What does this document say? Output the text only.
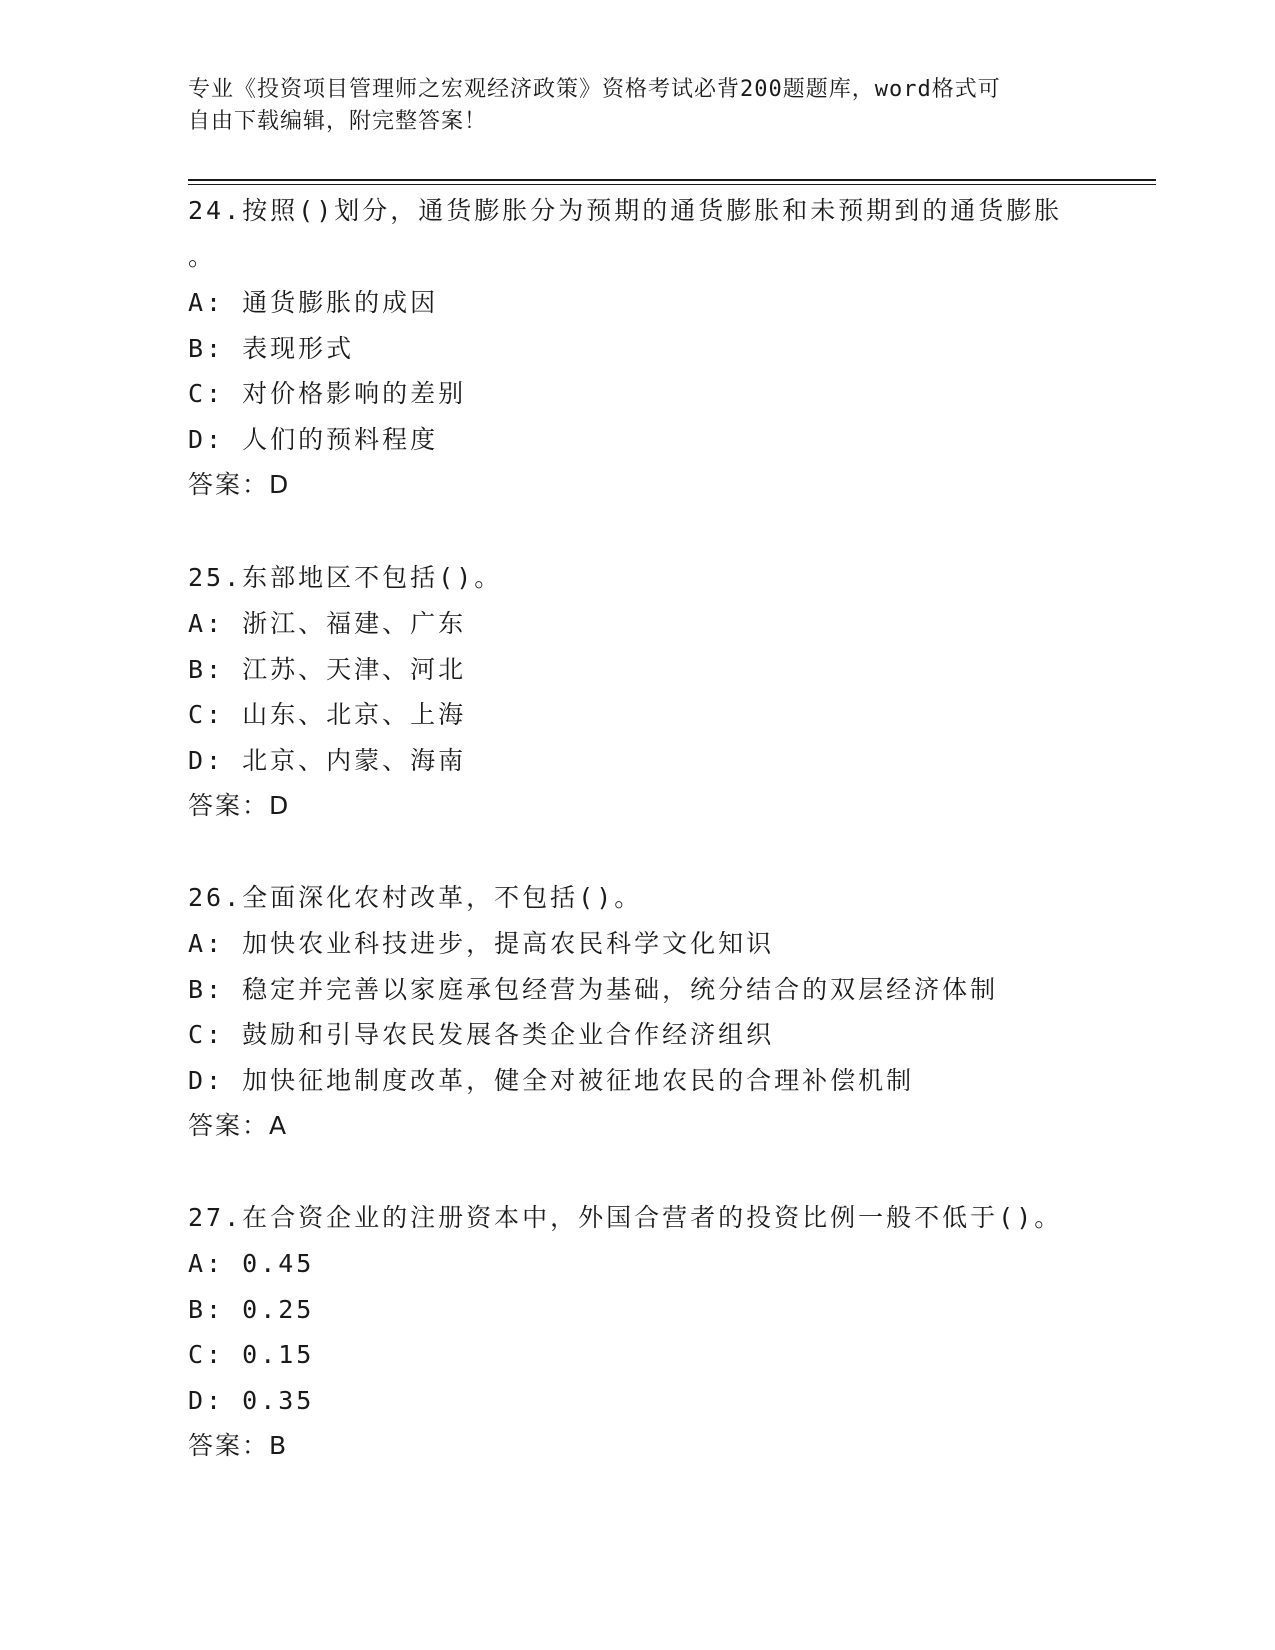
专业《投资项目管理师之宏观经济政策》资格考试必背200题题库，word格式可
自由下载编辑，附完整答案！

24.按照()划分，通货膨胀分为预期的通货膨胀和未预期到的通货膨胀

。

A: 通货膨胀的成因

B: 表现形式

C: 对价格影响的差别

D: 人们的预料程度

答案：D

25.东部地区不包括()。

A: 浙江、福建、广东

B: 江苏、天津、河北

C: 山东、北京、上海

D: 北京、内蒙、海南

答案：D

26.全面深化农村改革，不包括()。

A: 加快农业科技进步，提高农民科学文化知识

B: 稳定并完善以家庭承包经营为基础，统分结合的双层经济体制

C: 鼓励和引导农民发展各类企业合作经济组织

D: 加快征地制度改革，健全对被征地农民的合理补偿机制

答案：A

27.在合资企业的注册资本中，外国合营者的投资比例一般不低于()。

A: 0.45

B: 0.25

C: 0.15

D: 0.35

答案：B
